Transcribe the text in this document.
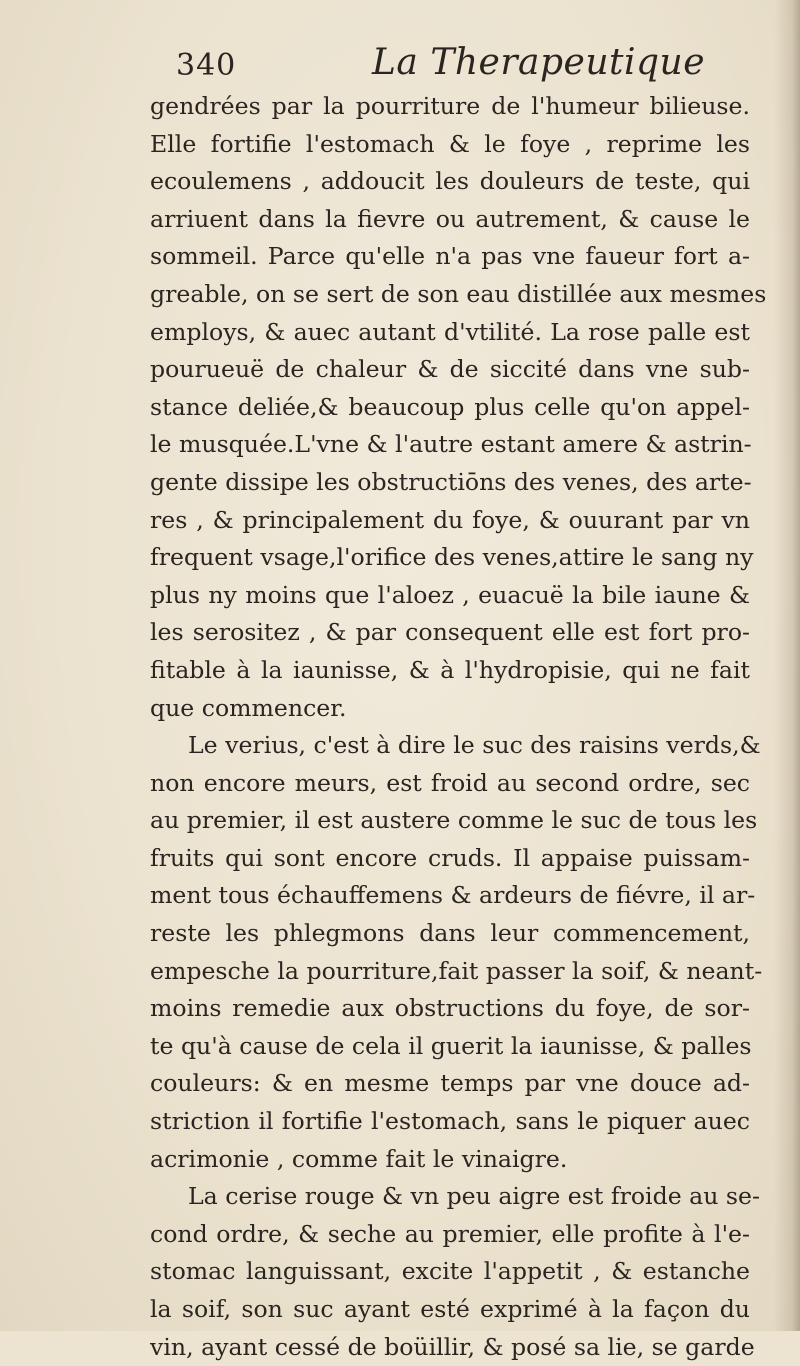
340	La Therapeutique
gendrées par la pourriture de l'humeur bilieuse.
Elle fortifie l'estomach & le foye , reprime les
ecoulemens , addoucit les douleurs de teste, qui
arriuent dans la fievre ou autrement, & cause le
sommeil. Parce qu'elle n'a pas vne faueur fort a-
greable, on se sert de son eau distillée aux mesmes
employs, & auec autant d'vtilité. La rose palle est
pourueuë de chaleur & de siccité dans vne sub-
stance deliée,& beaucoup plus celle qu'on appel-
le musquée.L'vne & l'autre estant amere & astrin-
gente dissipe les obstructiōns des venes, des arte-
res , & principalement du foye, & ouurant par vn
frequent vsage,l'orifice des venes,attire le sang ny
plus ny moins que l'aloez , euacuë la bile iaune &
les serositez , & par consequent elle est fort pro-
fitable à la iaunisse, & à l'hydropisie, qui ne fait
que commencer.
Le verius, c'est à dire le suc des raisins verds,&
non encore meurs, est froid au second ordre, sec
au premier, il est austere comme le suc de tous les
fruits qui sont encore cruds. Il appaise puissam-
ment tous échauffemens & ardeurs de fiévre, il ar-
reste les phlegmons dans leur commencement,
empesche la pourriture,fait passer la soif, & neant-
moins remedie aux obstructions du foye, de sor-
te qu'à cause de cela il guerit la iaunisse, & palles
couleurs: & en mesme temps par vne douce ad-
striction il fortifie l'estomach, sans le piquer auec
acrimonie , comme fait le vinaigre.
La cerise rouge & vn peu aigre est froide au se-
cond ordre, & seche au premier, elle profite à l'e-
stomac languissant, excite l'appetit , & estanche
la soif, son suc ayant esté exprimé à la façon du
vin, ayant cessé de boüillir, & posé sa lie, se garde
